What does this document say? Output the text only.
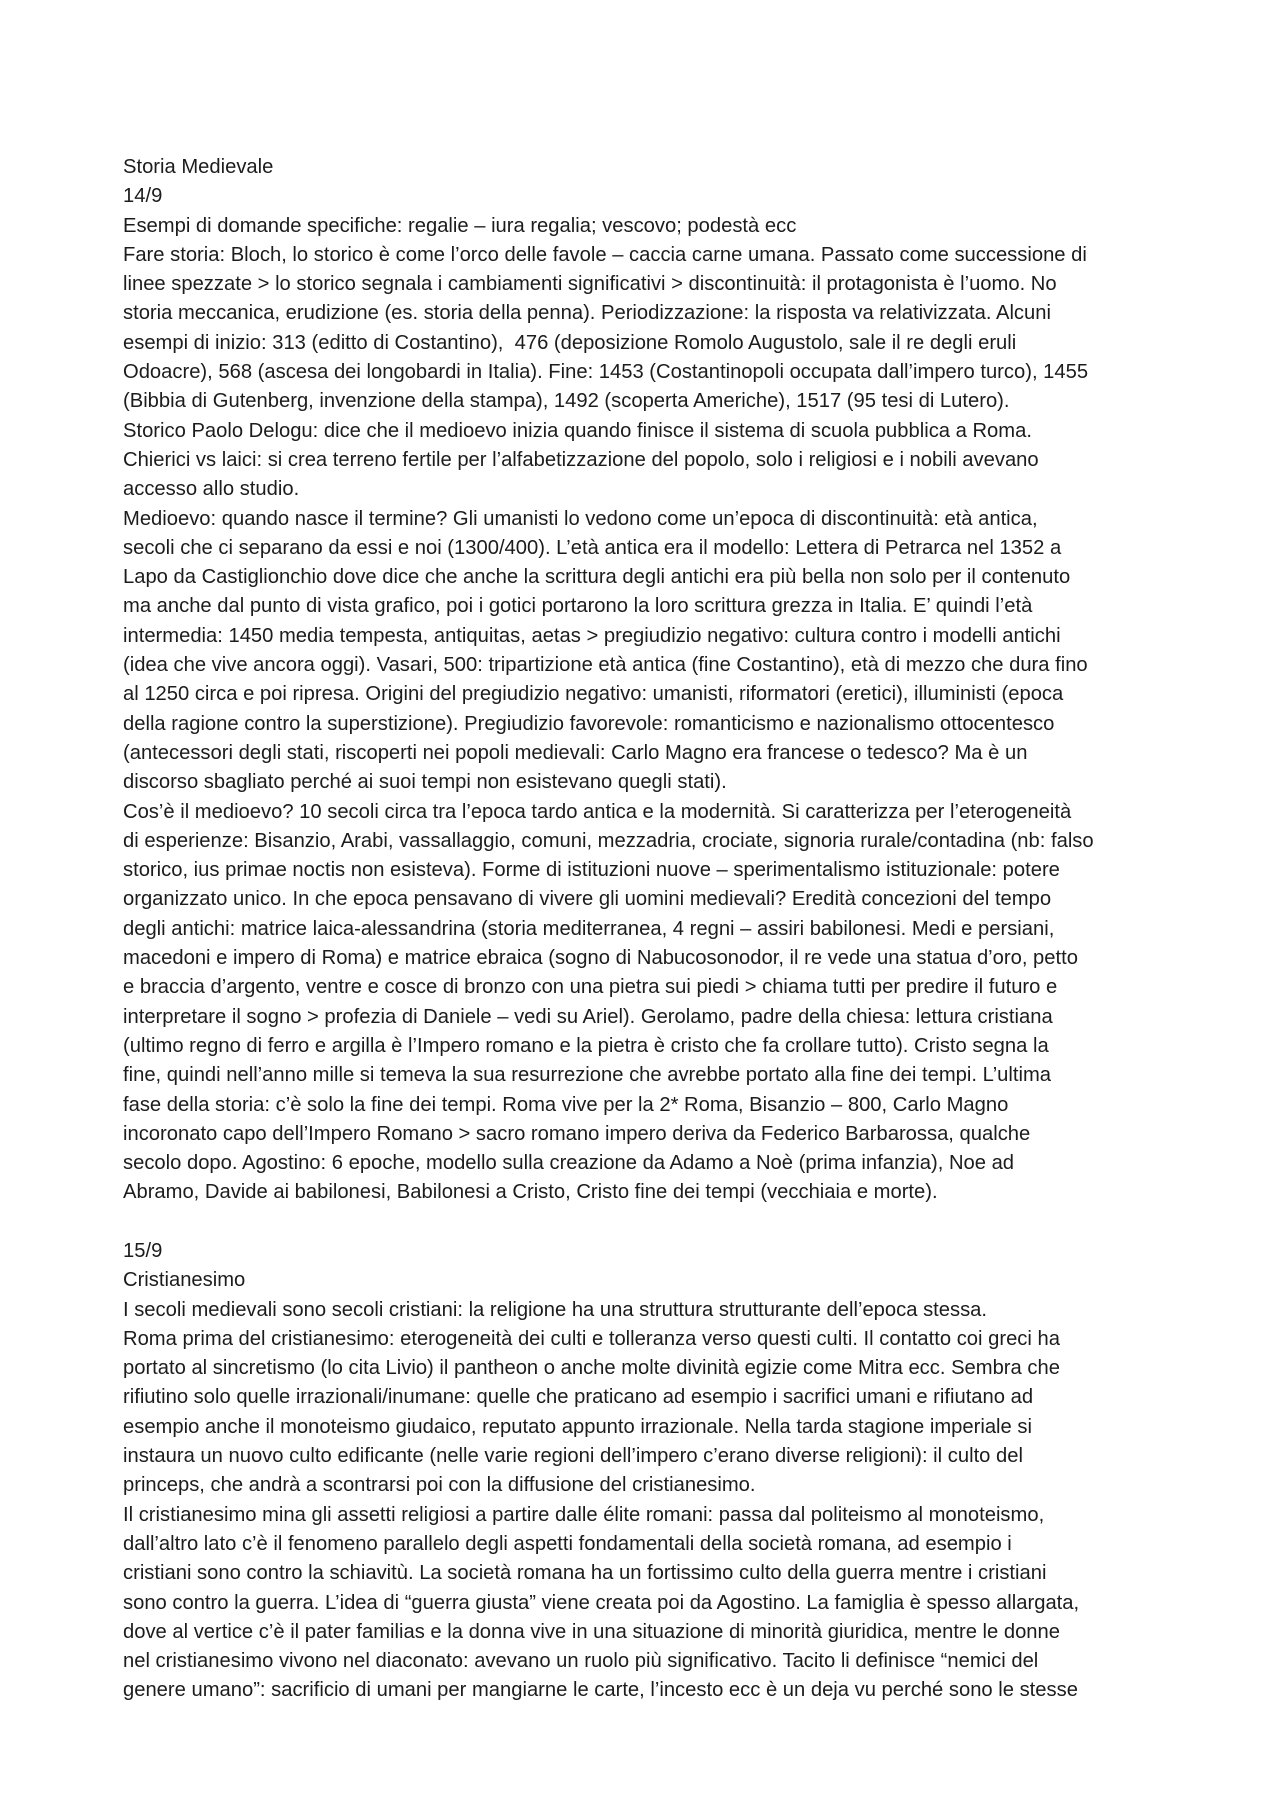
Storia Medievale
14/9
Esempi di domande specifiche: regalie – iura regalia; vescovo; podestà ecc
Fare storia: Bloch, lo storico è come l’orco delle favole – caccia carne umana. Passato come successione di
linee spezzate > lo storico segnala i cambiamenti significativi > discontinuità: il protagonista è l’uomo. No
storia meccanica, erudizione (es. storia della penna). Periodizzazione: la risposta va relativizzata. Alcuni
esempi di inizio: 313 (editto di Costantino),  476 (deposizione Romolo Augustolo, sale il re degli eruli
Odoacre), 568 (ascesa dei longobardi in Italia). Fine: 1453 (Costantinopoli occupata dall’impero turco), 1455
(Bibbia di Gutenberg, invenzione della stampa), 1492 (scoperta Americhe), 1517 (95 tesi di Lutero).
Storico Paolo Delogu: dice che il medioevo inizia quando finisce il sistema di scuola pubblica a Roma.
Chierici vs laici: si crea terreno fertile per l’alfabetizzazione del popolo, solo i religiosi e i nobili avevano
accesso allo studio.
Medioevo: quando nasce il termine? Gli umanisti lo vedono come un’epoca di discontinuità: età antica,
secoli che ci separano da essi e noi (1300/400). L’età antica era il modello: Lettera di Petrarca nel 1352 a
Lapo da Castiglionchio dove dice che anche la scrittura degli antichi era più bella non solo per il contenuto
ma anche dal punto di vista grafico, poi i gotici portarono la loro scrittura grezza in Italia. E’ quindi l’età
intermedia: 1450 media tempesta, antiquitas, aetas > pregiudizio negativo: cultura contro i modelli antichi
(idea che vive ancora oggi). Vasari, 500: tripartizione età antica (fine Costantino), età di mezzo che dura fino
al 1250 circa e poi ripresa. Origini del pregiudizio negativo: umanisti, riformatori (eretici), illuministi (epoca
della ragione contro la superstizione). Pregiudizio favorevole: romanticismo e nazionalismo ottocentesco
(antecessori degli stati, riscoperti nei popoli medievali: Carlo Magno era francese o tedesco? Ma è un
discorso sbagliato perché ai suoi tempi non esistevano quegli stati).
Cos’è il medioevo? 10 secoli circa tra l’epoca tardo antica e la modernità. Si caratterizza per l’eterogeneità
di esperienze: Bisanzio, Arabi, vassallaggio, comuni, mezzadria, crociate, signoria rurale/contadina (nb: falso
storico, ius primae noctis non esisteva). Forme di istituzioni nuove – sperimentalismo istituzionale: potere
organizzato unico. In che epoca pensavano di vivere gli uomini medievali? Eredità concezioni del tempo
degli antichi: matrice laica-alessandrina (storia mediterranea, 4 regni – assiri babilonesi. Medi e persiani,
macedoni e impero di Roma) e matrice ebraica (sogno di Nabucosonodor, il re vede una statua d’oro, petto
e braccia d’argento, ventre e cosce di bronzo con una pietra sui piedi > chiama tutti per predire il futuro e
interpretare il sogno > profezia di Daniele – vedi su Ariel). Gerolamo, padre della chiesa: lettura cristiana
(ultimo regno di ferro e argilla è l’Impero romano e la pietra è cristo che fa crollare tutto). Cristo segna la
fine, quindi nell’anno mille si temeva la sua resurrezione che avrebbe portato alla fine dei tempi. L’ultima
fase della storia: c’è solo la fine dei tempi. Roma vive per la 2* Roma, Bisanzio – 800, Carlo Magno
incoronato capo dell’Impero Romano > sacro romano impero deriva da Federico Barbarossa, qualche
secolo dopo. Agostino: 6 epoche, modello sulla creazione da Adamo a Noè (prima infanzia), Noe ad
Abramo, Davide ai babilonesi, Babilonesi a Cristo, Cristo fine dei tempi (vecchiaia e morte).
15/9
Cristianesimo
I secoli medievali sono secoli cristiani: la religione ha una struttura strutturante dell’epoca stessa.
Roma prima del cristianesimo: eterogeneità dei culti e tolleranza verso questi culti. Il contatto coi greci ha
portato al sincretismo (lo cita Livio) il pantheon o anche molte divinità egizie come Mitra ecc. Sembra che
rifiutino solo quelle irrazionali/inumane: quelle che praticano ad esempio i sacrifici umani e rifiutano ad
esempio anche il monoteismo giudaico, reputato appunto irrazionale. Nella tarda stagione imperiale si
instaura un nuovo culto edificante (nelle varie regioni dell’impero c’erano diverse religioni): il culto del
princeps, che andrà a scontrarsi poi con la diffusione del cristianesimo.
Il cristianesimo mina gli assetti religiosi a partire dalle élite romani: passa dal politeismo al monoteismo,
dall’altro lato c’è il fenomeno parallelo degli aspetti fondamentali della società romana, ad esempio i
cristiani sono contro la schiavitù. La società romana ha un fortissimo culto della guerra mentre i cristiani
sono contro la guerra. L’idea di “guerra giusta” viene creata poi da Agostino. La famiglia è spesso allargata,
dove al vertice c’è il pater familias e la donna vive in una situazione di minorità giuridica, mentre le donne
nel cristianesimo vivono nel diaconato: avevano un ruolo più significativo. Tacito li definisce “nemici del
genere umano”: sacrificio di umani per mangiarne le carte, l’incesto ecc è un deja vu perché sono le stesse
